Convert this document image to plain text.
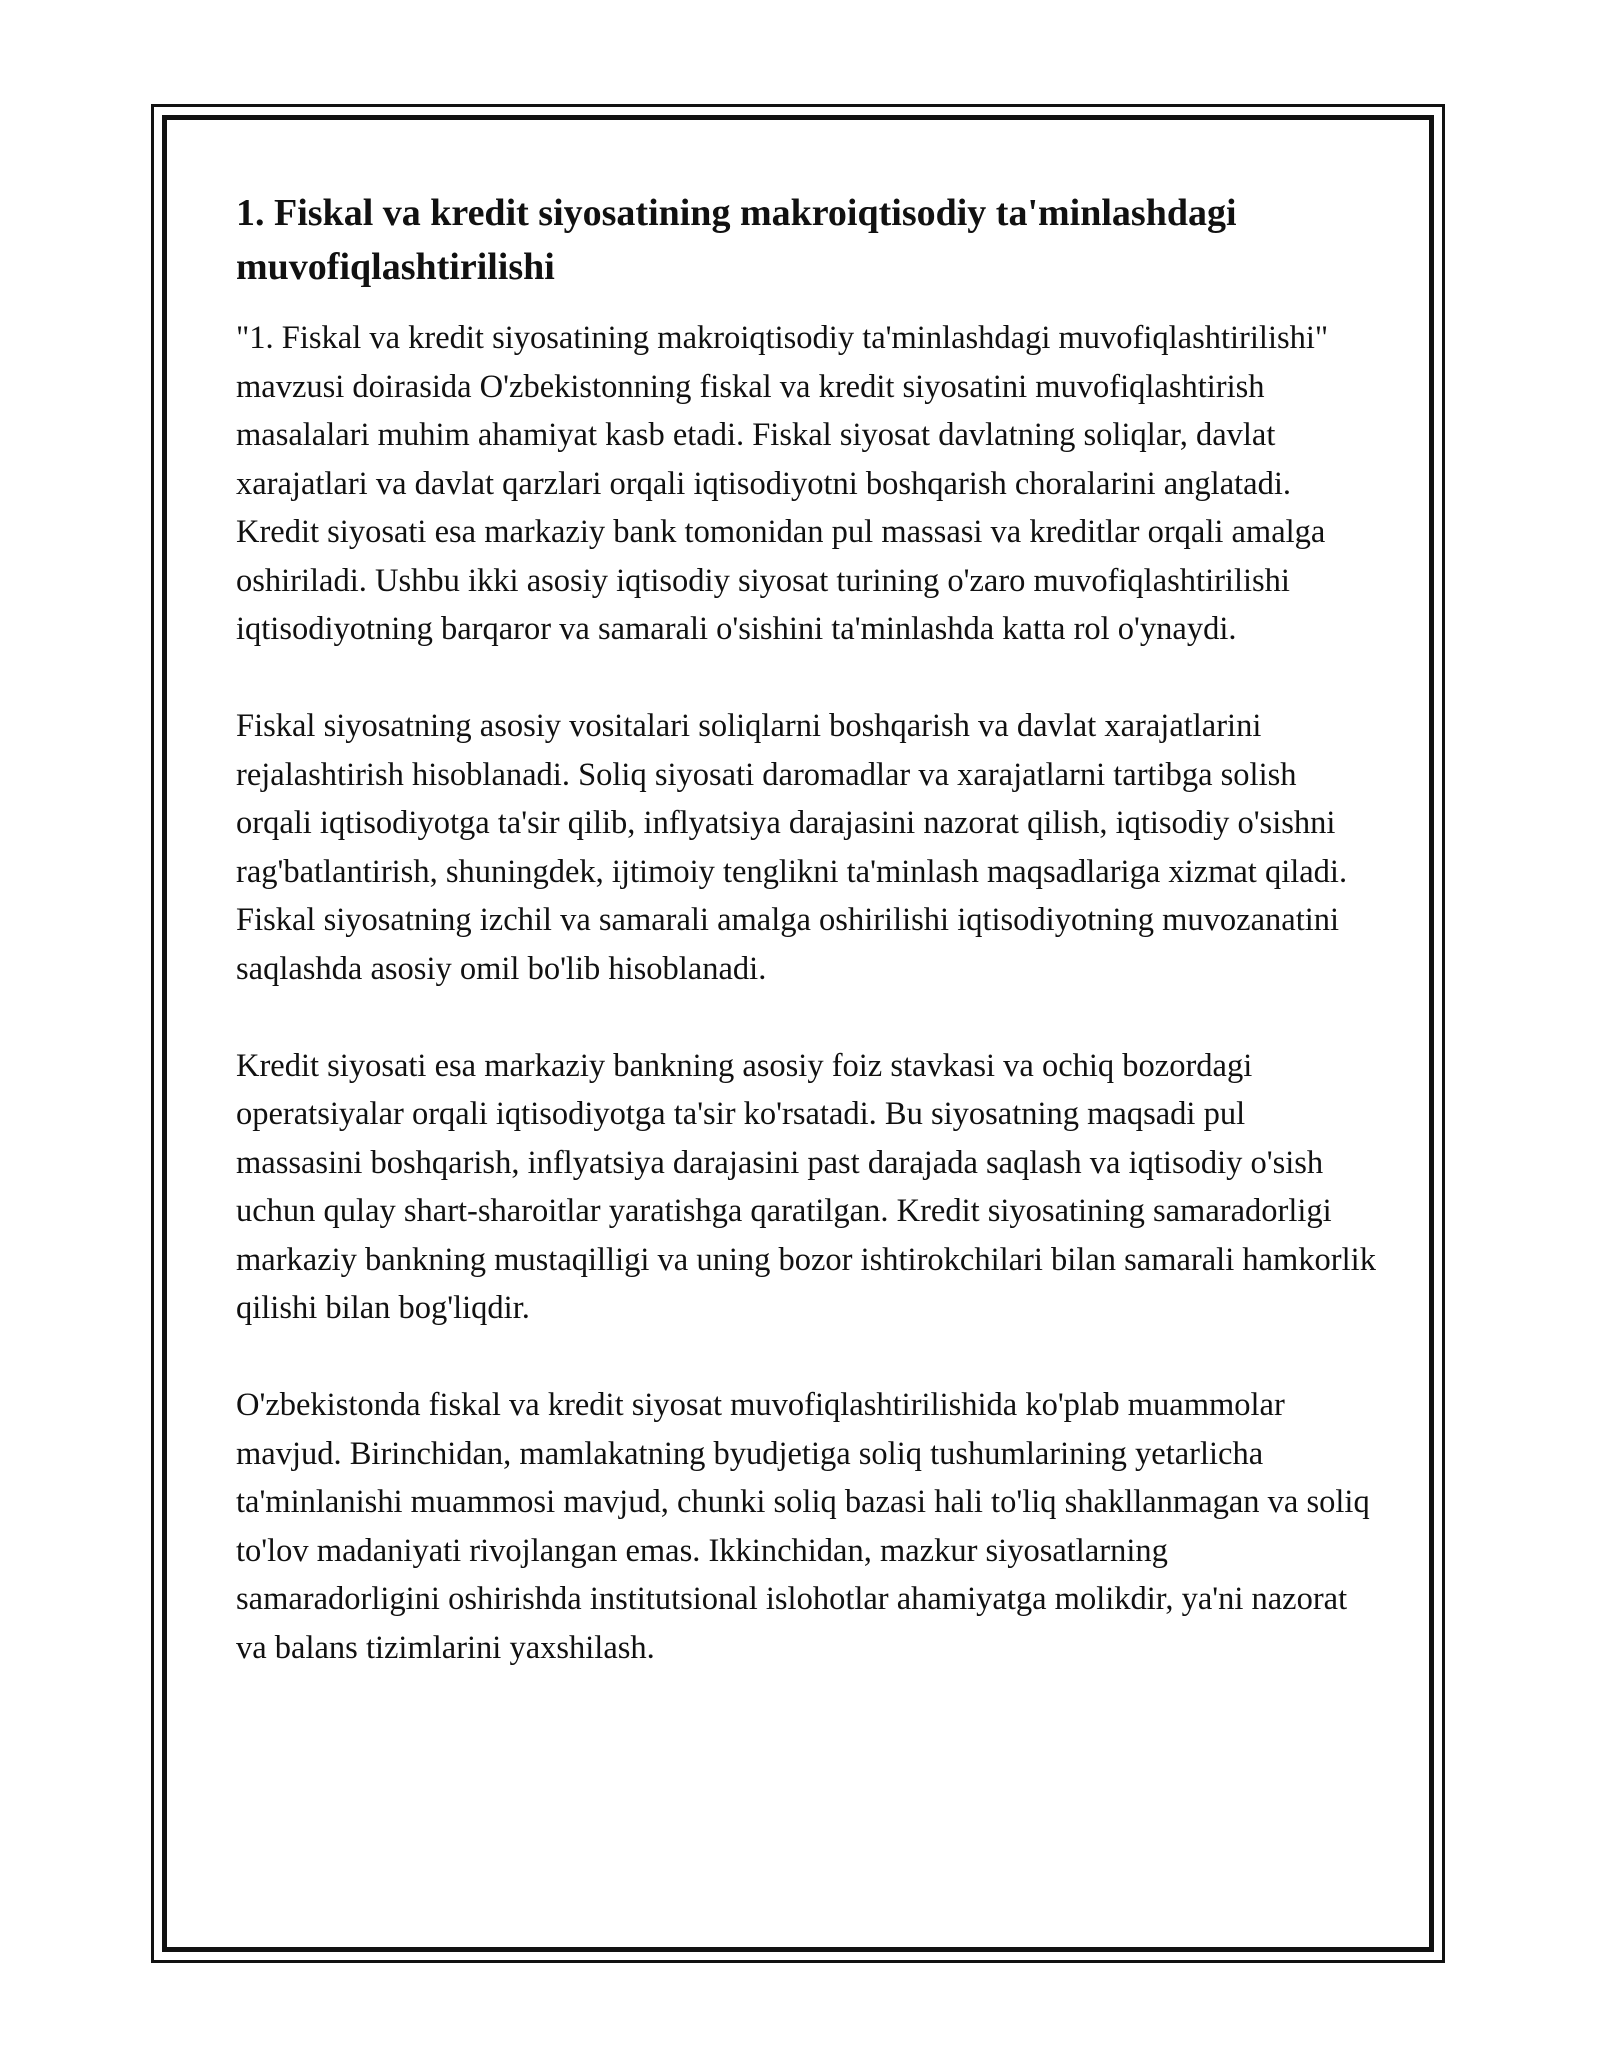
1. Fiskal va kredit siyosatining makroiqtisodiy ta'minlashdagi muvofiqlashtirilishi

"1. Fiskal va kredit siyosatining makroiqtisodiy ta'minlashdagi muvofiqlashtirilishi" mavzusi doirasida O'zbekistonning fiskal va kredit siyosatini muvofiqlashtirish masalalari muhim ahamiyat kasb etadi. Fiskal siyosat davlatning soliqlar, davlat xarajatlari va davlat qarzlari orqali iqtisodiyotni boshqarish choralarini anglatadi. Kredit siyosati esa markaziy bank tomonidan pul massasi va kreditlar orqali amalga oshiriladi. Ushbu ikki asosiy iqtisodiy siyosat turining o'zaro muvofiqlashtirilishi iqtisodiyotning barqaror va samarali o'sishini ta'minlashda katta rol o'ynaydi.

Fiskal siyosatning asosiy vositalari soliqlarni boshqarish va davlat xarajatlarini rejalashtirish hisoblanadi. Soliq siyosati daromadlar va xarajatlarni tartibga solish orqali iqtisodiyotga ta'sir qilib, inflyatsiya darajasini nazorat qilish, iqtisodiy o'sishni rag'batlantirish, shuningdek, ijtimoiy tenglikni ta'minlash maqsadlariga xizmat qiladi. Fiskal siyosatning izchil va samarali amalga oshirilishi iqtisodiyotning muvozanatini saqlashda asosiy omil bo'lib hisoblanadi.

Kredit siyosati esa markaziy bankning asosiy foiz stavkasi va ochiq bozordagi operatsiyalar orqali iqtisodiyotga ta'sir ko'rsatadi. Bu siyosatning maqsadi pul massasini boshqarish, inflyatsiya darajasini past darajada saqlash va iqtisodiy o'sish uchun qulay shart-sharoitlar yaratishga qaratilgan. Kredit siyosatining samaradorligi markaziy bankning mustaqilligi va uning bozor ishtirokchilari bilan samarali hamkorlik qilishi bilan bog'liqdir.

O'zbekistonda fiskal va kredit siyosat muvofiqlashtirilishida ko'plab muammolar mavjud. Birinchidan, mamlakatning byudjetiga soliq tushumlarining yetarlicha ta'minlanishi muammosi mavjud, chunki soliq bazasi hali to'liq shakllanmagan va soliq to'lov madaniyati rivojlangan emas. Ikkinchidan, mazkur siyosatlarning samaradorligini oshirishda institutsional islohotlar ahamiyatga molikdir, ya'ni nazorat va balans tizimlarini yaxshilash.
